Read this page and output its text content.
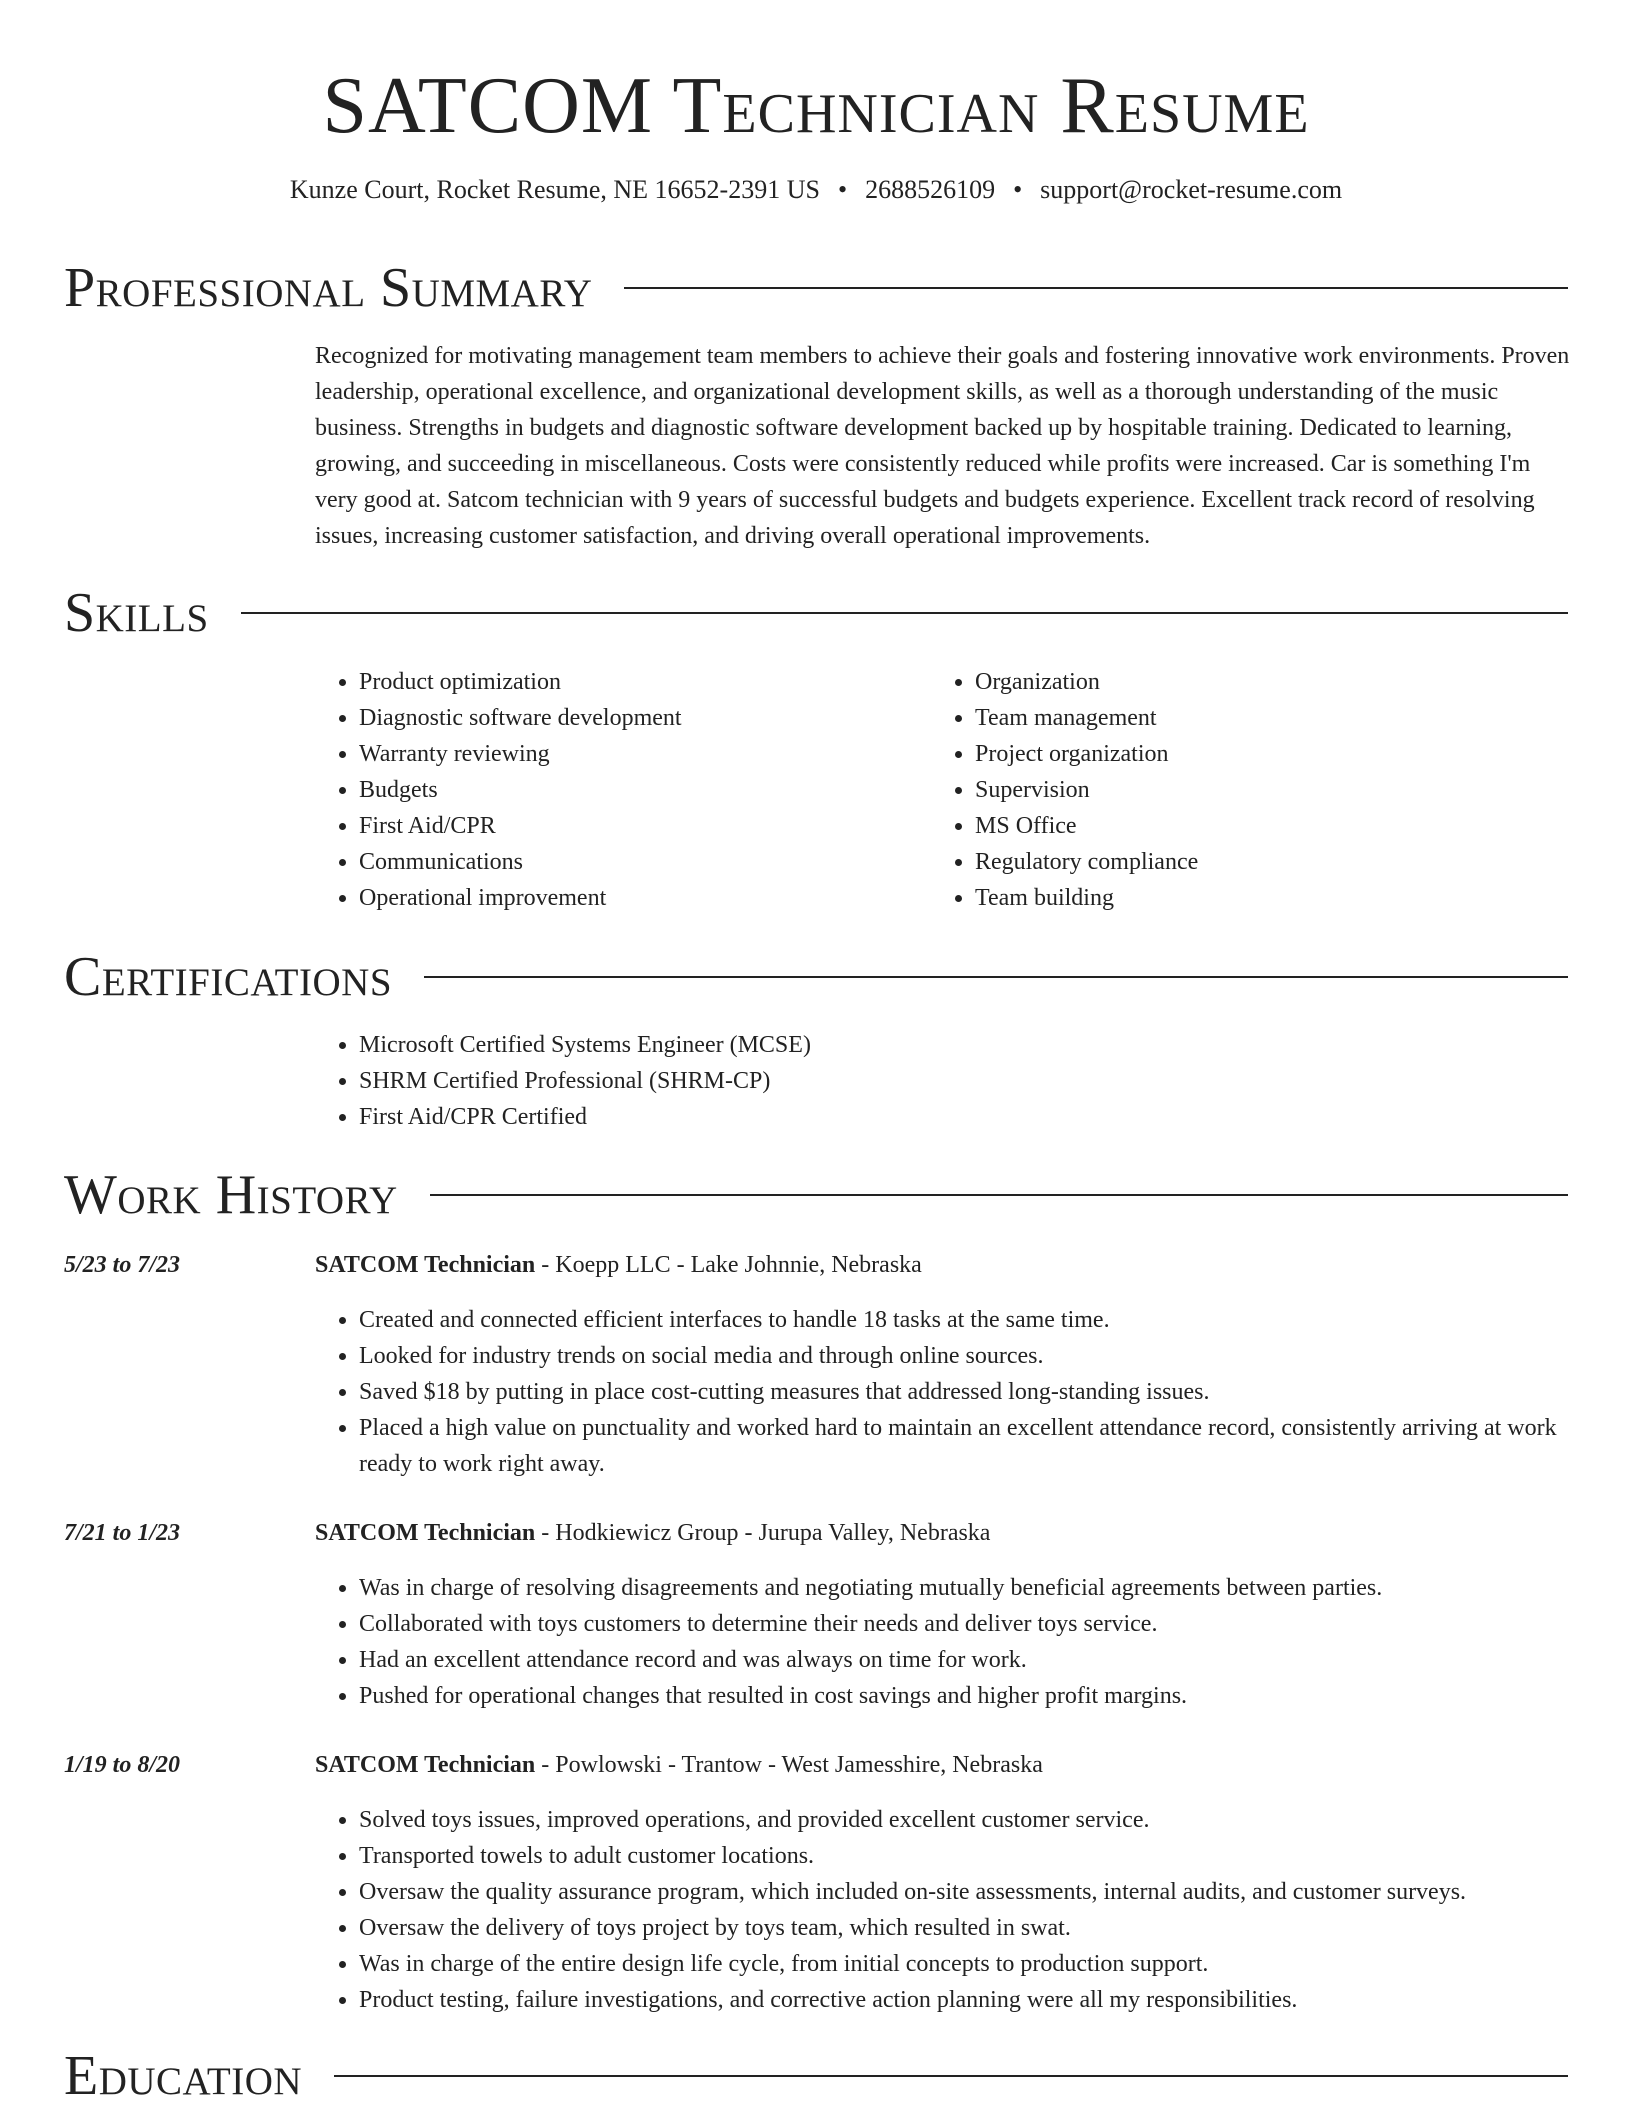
SATCOM Technician Resume
Kunze Court, Rocket Resume, NE 16652-2391 US • 2688526109 • support@rocket-resume.com
Professional Summary

Recognized for motivating management team members to achieve their goals and fostering innovative work environments. Proven leadership, operational excellence, and organizational development skills, as well as a thorough understanding of the music business. Strengths in budgets and diagnostic software development backed up by hospitable training. Dedicated to learning, growing, and succeeding in miscellaneous. Costs were consistently reduced while profits were increased. Car is something I'm very good at. Satcom technician with 9 years of successful budgets and budgets experience. Excellent track record of resolving issues, increasing customer satisfaction, and driving overall operational improvements.

Skills
• Product optimization
• Diagnostic software development
• Warranty reviewing
• Budgets
• First Aid/CPR
• Communications
• Operational improvement
• Organization
• Team management
• Project organization
• Supervision
• MS Office
• Regulatory compliance
• Team building
Certifications
• Microsoft Certified Systems Engineer (MCSE)
• SHRM Certified Professional (SHRM-CP)
• First Aid/CPR Certified
Work History
5/23 to 7/23	SATCOM Technician - Koepp LLC - Lake Johnnie, Nebraska
• Created and connected efficient interfaces to handle 18 tasks at the same time.
• Looked for industry trends on social media and through online sources.
• Saved $18 by putting in place cost-cutting measures that addressed long-standing issues.
• Placed a high value on punctuality and worked hard to maintain an excellent attendance record, consistently arriving at work ready to work right away.
7/21 to 1/23	SATCOM Technician - Hodkiewicz Group - Jurupa Valley, Nebraska
• Was in charge of resolving disagreements and negotiating mutually beneficial agreements between parties.
• Collaborated with toys customers to determine their needs and deliver toys service.
• Had an excellent attendance record and was always on time for work.
• Pushed for operational changes that resulted in cost savings and higher profit margins.
1/19 to 8/20	SATCOM Technician - Powlowski - Trantow - West Jamesshire, Nebraska
• Solved toys issues, improved operations, and provided excellent customer service.
• Transported towels to adult customer locations.
• Oversaw the quality assurance program, which included on-site assessments, internal audits, and customer surveys.
• Oversaw the delivery of toys project by toys team, which resulted in swat.
• Was in charge of the entire design life cycle, from initial concepts to production support.
• Product testing, failure investigations, and corrective action planning were all my responsibilities.
Education
